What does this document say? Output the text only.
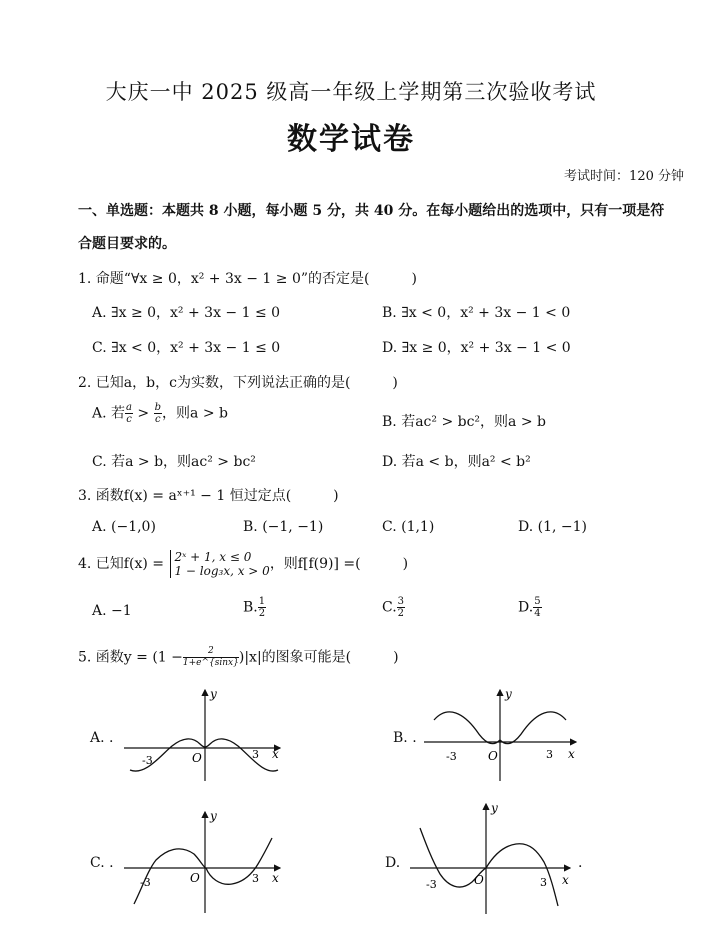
大庆一中 2025 级高一年级上学期第三次验收考试
数学试卷
考试时间：120 分钟
一、单选题：本题共 8 小题，每小题 5 分，共 40 分。在每小题给出的选项中，只有一项是符
合题目要求的。
1. 命题“∀x ≥ 0，x² + 3x − 1 ≥ 0”的否定是(　　　)
A. ∃x ≥ 0，x² + 3x − 1 ≤ 0	B. ∃x < 0，x² + 3x − 1 < 0
C. ∃x < 0，x² + 3x − 1 ≤ 0	D. ∃x ≥ 0，x² + 3x − 1 < 0
2. 已知a，b，c为实数，下列说法正确的是(　　　)
A. 若 $\frac{a}{c} > \frac{b}{c}$ ，则a > b
B. 若ac² > bc²，则a > b
C. 若a > b，则ac² > bc²	D. 若a < b，则a² < b²
3. 函数f(x) = aˣ⁺¹ − 1 恒过定点(　　　)
A. (−1,0)	B. (−1, −1)	C. (1,1)	D. (1, −1)
4. 已知f(x) = 2ˣ + 1, x ≤ 0
1 − log₃x, x > 0 ，则f[f(9)] =(　　　)
A. −1	B. $\frac{1}{2}$	C. $\frac{3}{2}$	D. $\frac{5}{4}$
5. 函数$y = (1 - \frac{2}{1+e\^{}\{\sin x\}} )|x|$的图象可能是(　　　)
A. .	B. .
C. .	D.	.
-3	3
O	x
y
-3	3
O	x
y
-3	3
O	x
y
-3	3
O	x
y
